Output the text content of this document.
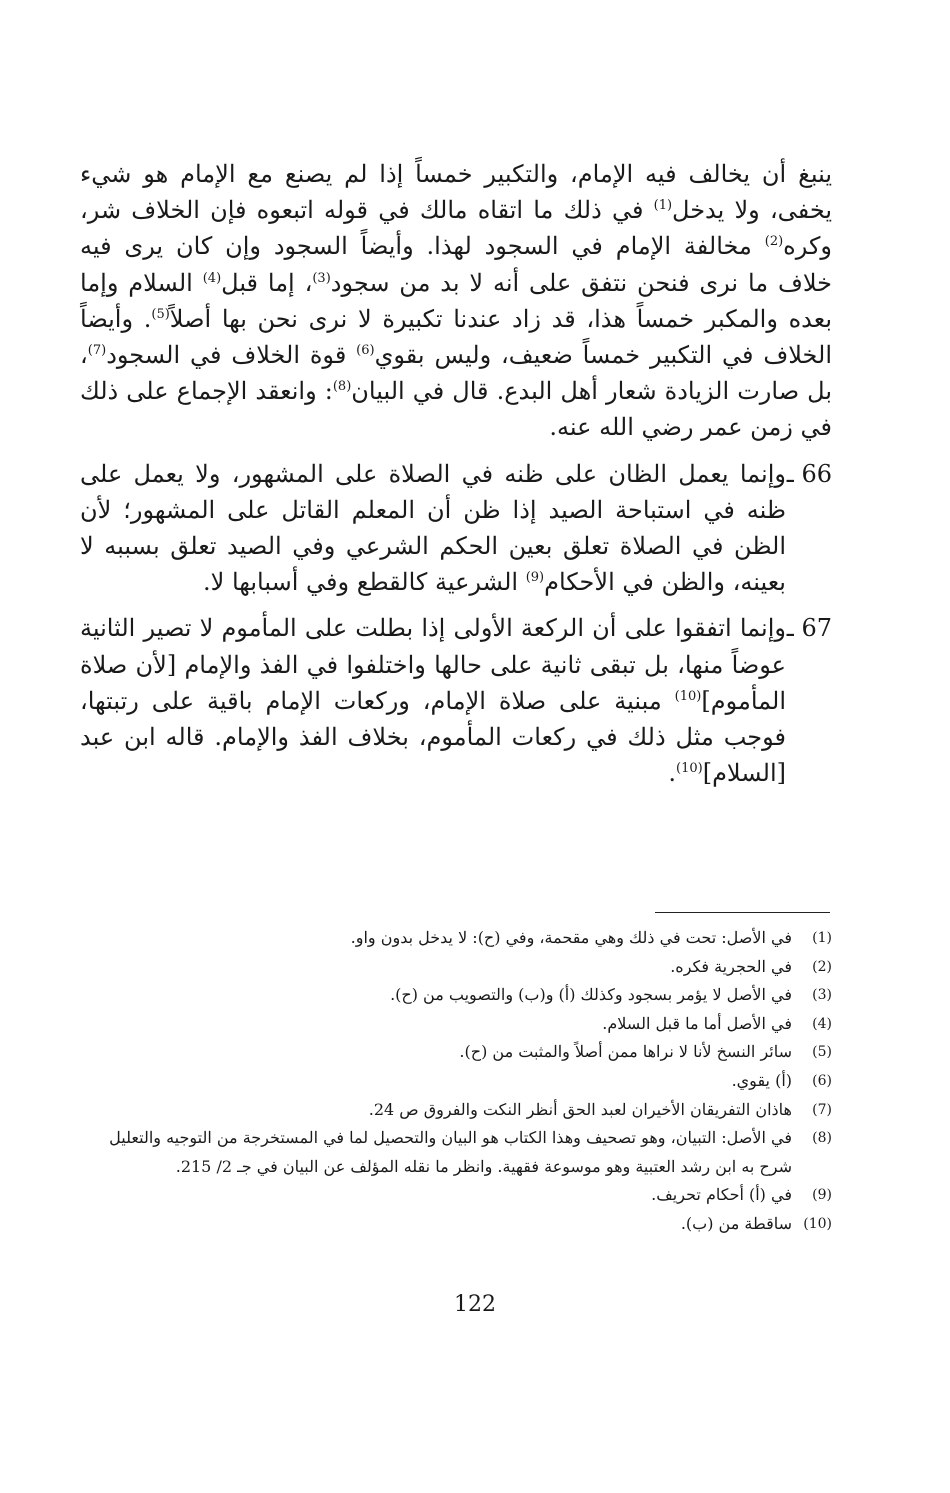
ينبغ أن يخالف فيه الإمام، والتكبير خمساً إذا لم يصنع مع الإمام هو شيء يخفى، ولا يدخل$^{(1)}$ في ذلك ما اتقاه مالك في قوله اتبعوه فإن الخلاف شر، وكره$^{(2)}$ مخالفة الإمام في السجود لهذا. وأيضاً السجود وإن كان يرى فيه خلاف ما نرى فنحن نتفق على أنه لا بد من سجود$^{(3)}$، إما قبل$^{(4)}$ السلام وإما بعده والمكبر خمساً هذا، قد زاد عندنا تكبيرة لا نرى نحن بها أصلاً$^{(5)}$. وأيضاً الخلاف في التكبير خمساً ضعيف، وليس بقوي$^{(6)}$ قوة الخلاف في السجود$^{(7)}$، بل صارت الزيادة شعار أهل البدع. قال في البيان$^{(8)}$: وانعقد الإجماع على ذلك في زمن عمر رضي الله عنه.

66 ـ

وإنما يعمل الظان على ظنه في الصلاة على المشهور، ولا يعمل على ظنه في استباحة الصيد إذا ظن أن المعلم القاتل على المشهور؛ لأن الظن في الصلاة تعلق بعين الحكم الشرعي وفي الصيد تعلق بسببه لا بعينه، والظن في الأحكام$^{(9)}$ الشرعية كالقطع وفي أسبابها لا.

67 ـ

وإنما اتفقوا على أن الركعة الأولى إذا بطلت على المأموم لا تصير الثانية عوضاً منها، بل تبقى ثانية على حالها واختلفوا في الفذ والإمام [لأن صلاة المأموم]$^{(10)}$ مبنية على صلاة الإمام، وركعات الإمام باقية على رتبتها، فوجب مثل ذلك في ركعات المأموم، بخلاف الفذ والإمام. قاله ابن عبد [السلام]$^{(10)}$.

(1)
في الأصل: تحت في ذلك وهي مقحمة، وفي (ح): لا يدخل بدون واو.
(2)
في الحجرية فكره.
(3)
في الأصل لا يؤمر بسجود وكذلك (أ) و(ب) والتصويب من (ح).
(4)
في الأصل أما ما قبل السلام.
(5)
سائر النسخ لأنا لا نراها ممن أصلاً والمثبت من (ح).
(6)
(أ) يقوي.
(7)
هاذان التفريقان الأخيران لعبد الحق أنظر النكت والفروق ص 24.
(8)
في الأصل: التبيان، وهو تصحيف وهذا الكتاب هو البيان والتحصيل لما في المستخرجة من التوجيه والتعليل شرح به ابن رشد العتبية وهو موسوعة فقهية. وانظر ما نقله المؤلف عن البيان في جـ 2/ 215.
(9)
في (أ) أحكام تحريف.
(10)
ساقطة من (ب).
122
